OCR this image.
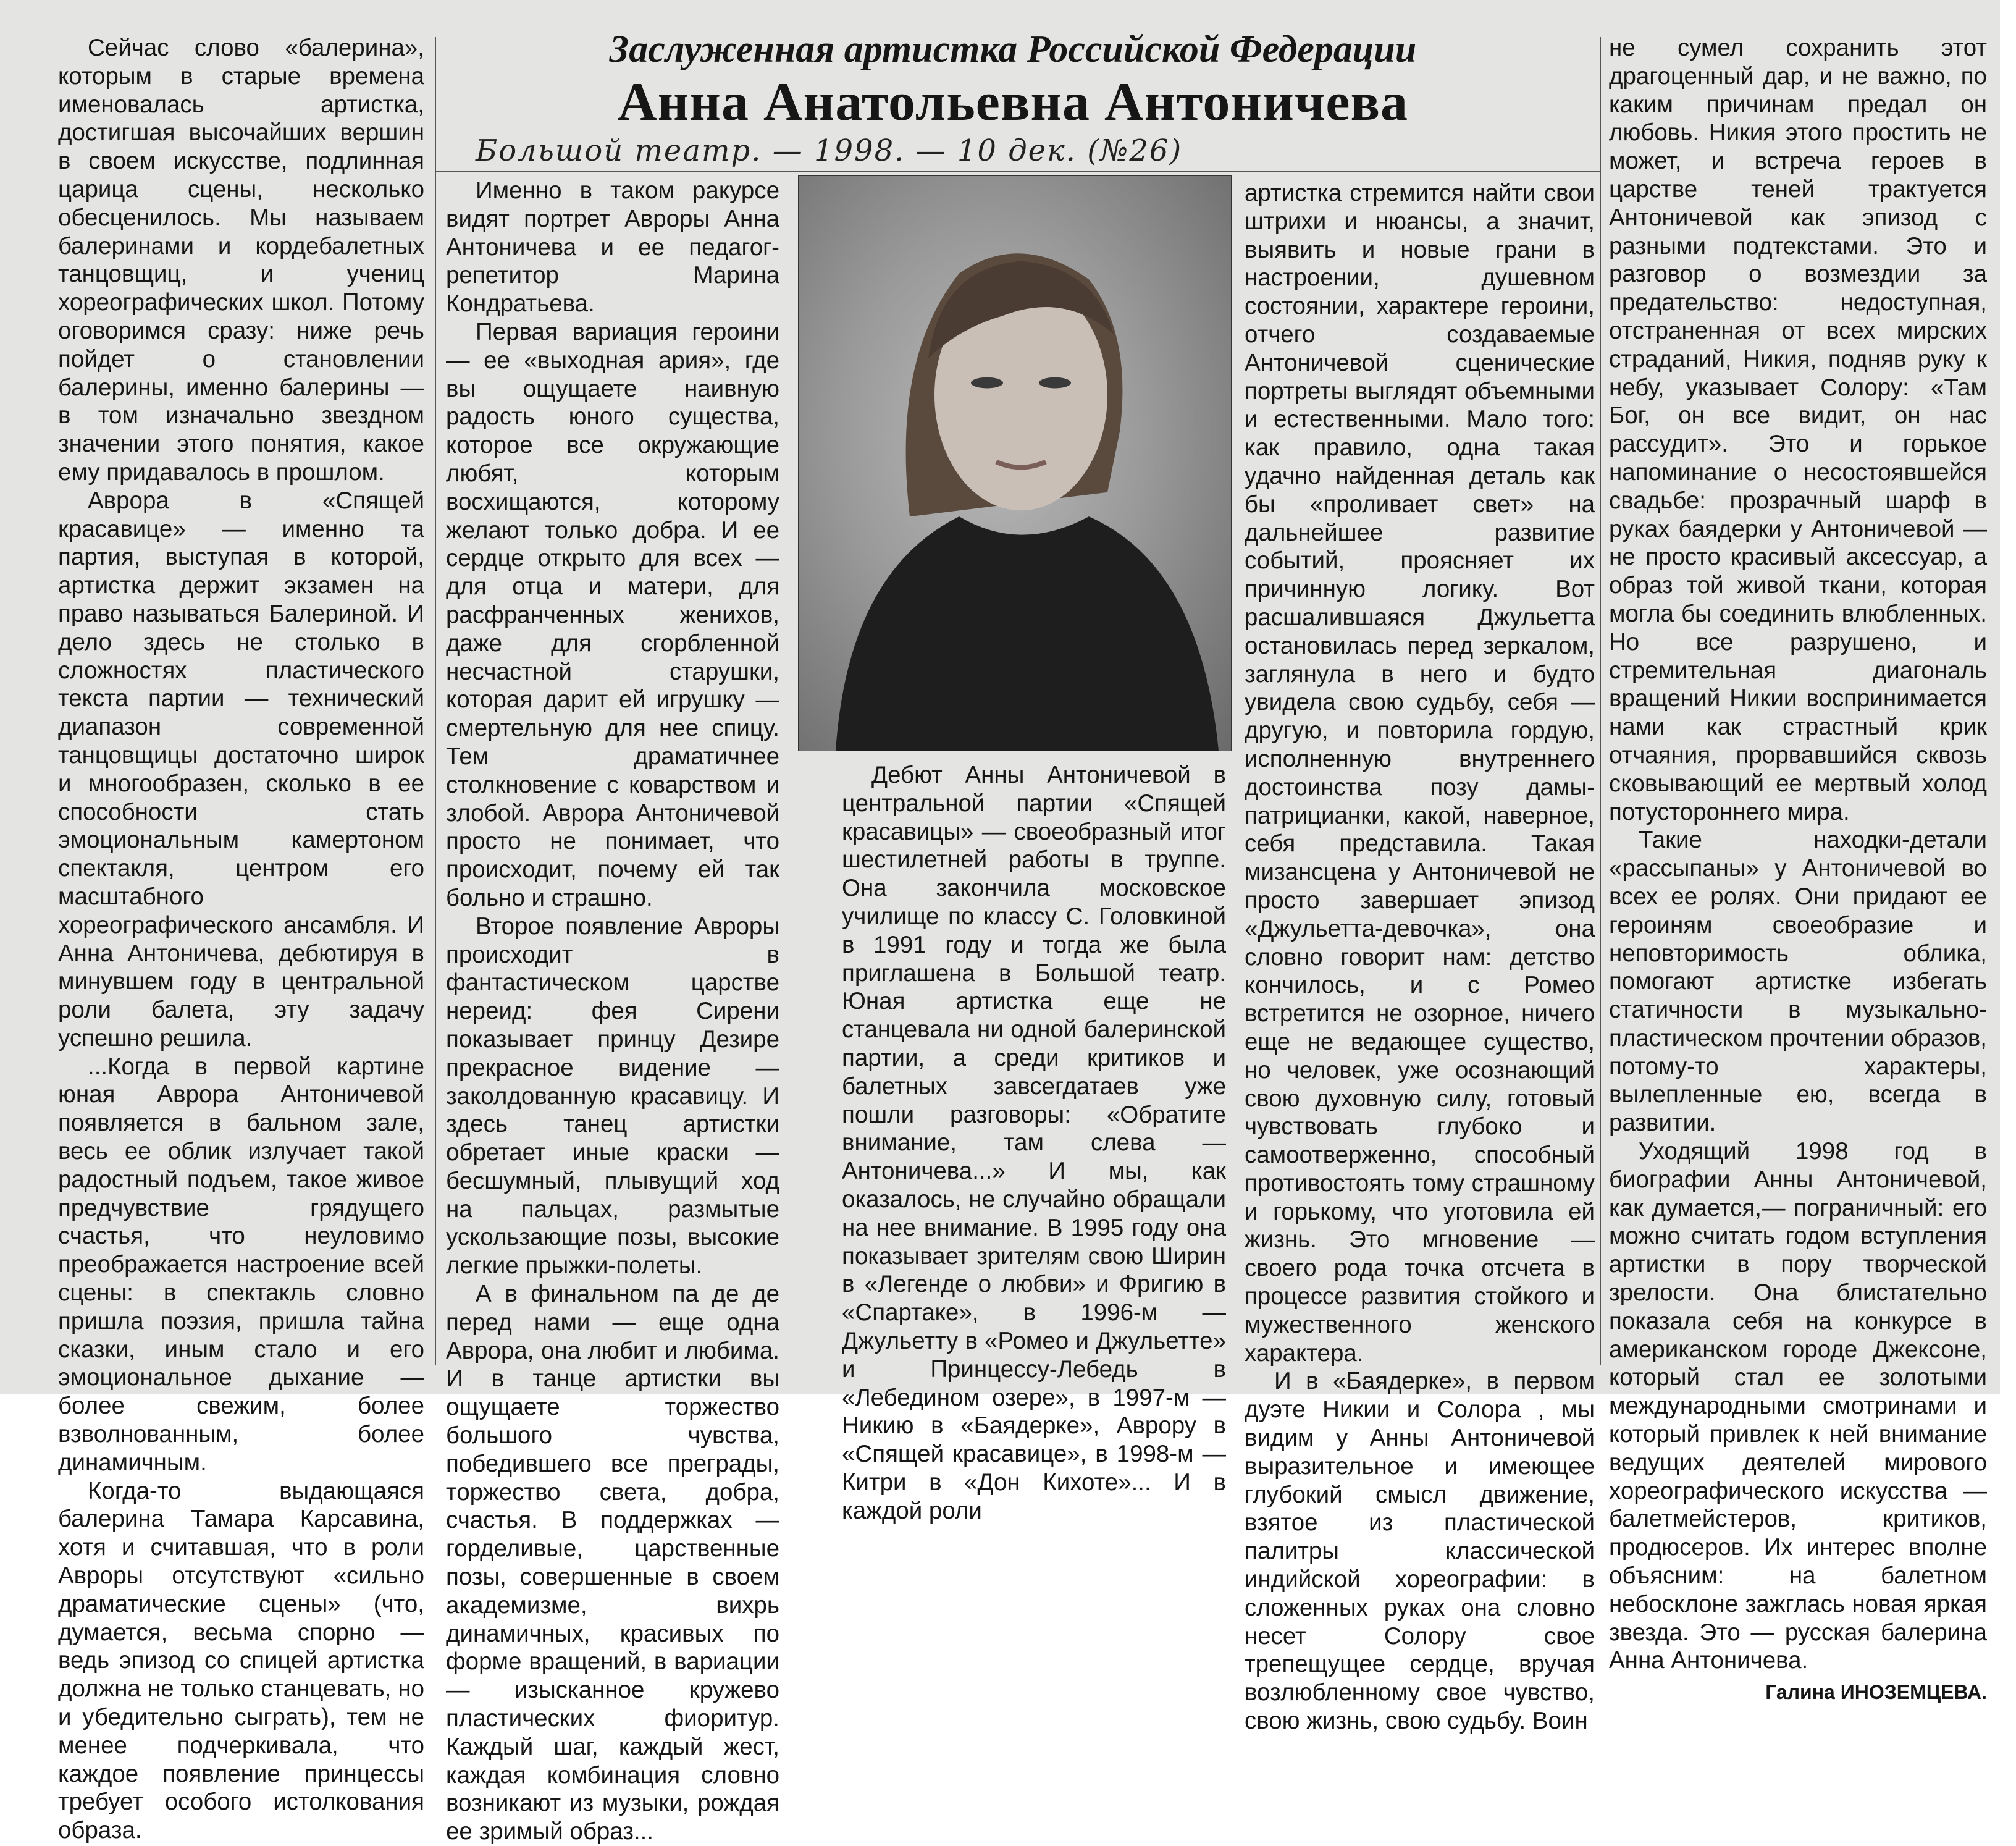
Заслуженная артистка Российской Федерации
Анна Анатольевна Антоничева
Большой театр. — 1998. — 10 дек. (№26)

Сейчас слово «балерина», которым в старые времена именовалась артистка, достигшая высочайших вершин в своем искусстве, подлинная царица сцены, несколько обесценилось. Мы называем балеринами и кордебалетных танцовщиц, и учениц хореографических школ. Потому оговоримся сразу: ниже речь пойдет о становлении балерины, именно балерины — в том изначально звездном значении этого понятия, какое ему придавалось в прошлом.

Аврора в «Спящей красавице» — именно та партия, выступая в которой, артистка держит экзамен на право называться Балериной. И дело здесь не столько в сложностях пластического текста партии — технический диапазон современной танцовщицы достаточно широк и многообразен, сколько в ее способности стать эмоциональным камертоном спектакля, центром его масштабного хореографического ансамбля. И Анна Антоничева, дебютируя в минувшем году в центральной роли балета, эту задачу успешно решила.

...Когда в первой картине юная Аврора Антоничевой появляется в бальном зале, весь ее облик излучает такой радостный подъем, такое живое предчувствие грядущего счастья, что неуловимо преображается настроение всей сцены: в спектакль словно пришла поэзия, пришла тайна сказки, иным стало и его эмоциональное дыхание — более свежим, более взволнованным, более динамичным.

Когда-то выдающаяся балерина Тамара Карсавина, хотя и считавшая, что в роли Авроры отсутствуют «сильно драматические сцены» (что, думается, весьма спорно — ведь эпизод со спицей артистка должна не только станцевать, но и убедительно сыграть), тем не менее подчеркивала, что каждое появление принцессы требует особого истолкования образа.

Именно в таком ракурсе видят портрет Авроры Анна Антоничева и ее педагог-репетитор Марина Кондратьева.

Первая вариация героини — ее «выходная ария», где вы ощущаете наивную радость юного существа, которое все окружающие любят, которым восхищаются, которому желают только добра. И ее сердце открыто для всех — для отца и матери, для расфранченных женихов, даже для сгорбленной несчастной старушки, которая дарит ей игрушку — смертельную для нее спицу. Тем драматичнее столкновение с коварством и злобой. Аврора Антоничевой просто не понимает, что происходит, почему ей так больно и страшно.

Второе появление Авроры происходит в фантастическом царстве нереид: фея Сирени показывает принцу Дезире прекрасное видение — заколдованную красавицу. И здесь танец артистки обретает иные краски — бесшумный, плывущий ход на пальцах, размытые ускользающие позы, высокие легкие прыжки-полеты.

А в финальном па де де перед нами — еще одна Аврора, она любит и любима. И в танце артистки вы ощущаете торжество большого чувства, победившего все преграды, торжество света, добра, счастья. В поддержках — горделивые, царственные позы, совершенные в своем академизме, вихрь динамичных, красивых по форме вращений, в вариации — изысканное кружево пластических фиоритур. Каждый шаг, каждый жест, каждая комбинация словно возникают из музыки, рождая ее зримый образ...

Дебют Анны Антоничевой в центральной партии «Спящей красавицы» — своеобразный итог шестилетней работы в труппе. Она закончила московское училище по классу С. Головкиной в 1991 году и тогда же была приглашена в Большой театр. Юная артистка еще не станцевала ни одной балеринской партии, а среди критиков и балетных завсегдатаев уже пошли разговоры: «Обратите внимание, там слева — Антоничева...» И мы, как оказалось, не случайно обращали на нее внимание. В 1995 году она показывает зрителям свою Ширин в «Легенде о любви» и Фригию в «Спартаке», в 1996-м — Джульетту в «Ромео и Джульетте» и Принцессу-Лебедь в «Лебедином озере», в 1997-м — Никию в «Баядерке», Аврору в «Спящей красавице», в 1998-м — Китри в «Дон Кихоте»... И в каждой роли

артистка стремится найти свои штрихи и нюансы, а значит, выявить и новые грани в настроении, душевном состоянии, характере героини, отчего создаваемые Антоничевой сценические портреты выглядят объемными и естественными. Мало того: как правило, одна такая удачно найденная деталь как бы «проливает свет» на дальнейшее развитие событий, проясняет их причинную логику. Вот расшалившаяся Джульетта остановилась перед зеркалом, заглянула в него и будто увидела свою судьбу, себя — другую, и повторила гордую, исполненную внутреннего достоинства позу дамы-патрицианки, какой, наверное, себя представила. Такая мизансцена у Антоничевой не просто завершает эпизод «Джульетта-девочка», она словно говорит нам: детство кончилось, и с Ромео встретится не озорное, ничего еще не ведающее существо, но человек, уже осознающий свою духовную силу, готовый чувствовать глубоко и самоотверженно, способный противостоять тому страшному и горькому, что уготовила ей жизнь. Это мгновение — своего рода точка отсчета в процессе развития стойкого и мужественного женского характера.

И в «Баядерке», в первом дуэте Никии и Солора , мы видим у Анны Антоничевой выразительное и имеющее глубокий смысл движение, взятое из пластической палитры классической индийской хореографии: в сложенных руках она словно несет Солору свое трепещущее сердце, вручая возлюбленному свое чувство, свою жизнь, свою судьбу. Воин

не сумел сохранить этот драгоценный дар, и не важно, по каким причинам предал он любовь. Никия этого простить не может, и встреча героев в царстве теней трактуется Антоничевой как эпизод с разными подтекстами. Это и разговор о возмездии за предательство: недоступная, отстраненная от всех мирских страданий, Никия, подняв руку к небу, указывает Солору: «Там Бог, он все видит, он нас рассудит». Это и горькое напоминание о несостоявшейся свадьбе: прозрачный шарф в руках баядерки у Антоничевой — не просто красивый аксессуар, а образ той живой ткани, которая могла бы соединить влюбленных. Но все разрушено, и стремительная диагональ вращений Никии воспринимается нами как страстный крик отчаяния, прорвавшийся сквозь сковывающий ее мертвый холод потустороннего мира.

Такие находки-детали «рассыпаны» у Антоничевой во всех ее ролях. Они придают ее героиням своеобразие и неповторимость облика, помогают артистке избегать статичности в музыкально-пластическом прочтении образов, потому-то характеры, вылепленные ею, всегда в развитии.

Уходящий 1998 год в биографии Анны Антоничевой, как думается,— пограничный: его можно считать годом вступления артистки в пору творческой зрелости. Она блистательно показала себя на конкурсе в американском городе Джексоне, который стал ее золотыми международными смотринами и который привлек к ней внимание ведущих деятелей мирового хореографического искусства — балетмейстеров, критиков, продюсеров. Их интерес вполне объясним: на балетном небосклоне зажглась новая яркая звезда. Это — русская балерина Анна Антоничева.

Галина ИНОЗЕМЦЕВА.
